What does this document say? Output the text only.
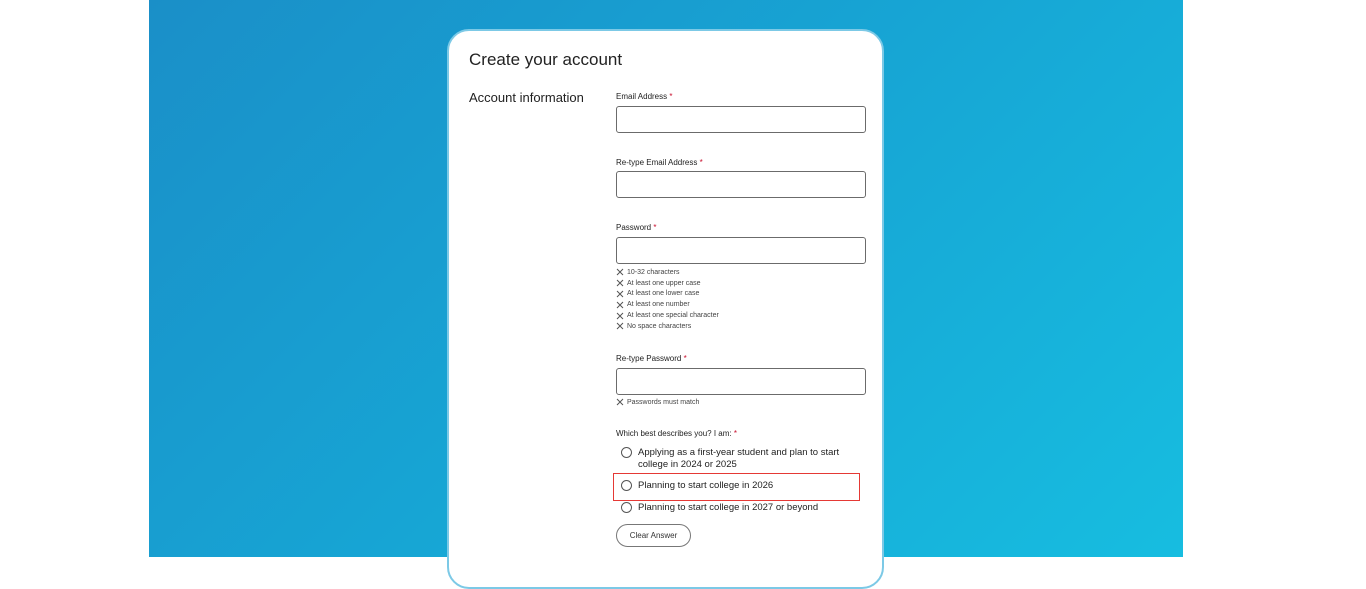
Create your account
Account information	Email Address *
Re-type Email Address *
Password *
10-32 characters
At least one upper case
At least one lower case
At least one number
At least one special character
No space characters
Re-type Password *
Passwords must match
Which best describes you? I am: *
Applying as a first-year student and plan to start
college in 2024 or 2025
Planning to start college in 2026
Planning to start college in 2027 or beyond
Clear Answer
